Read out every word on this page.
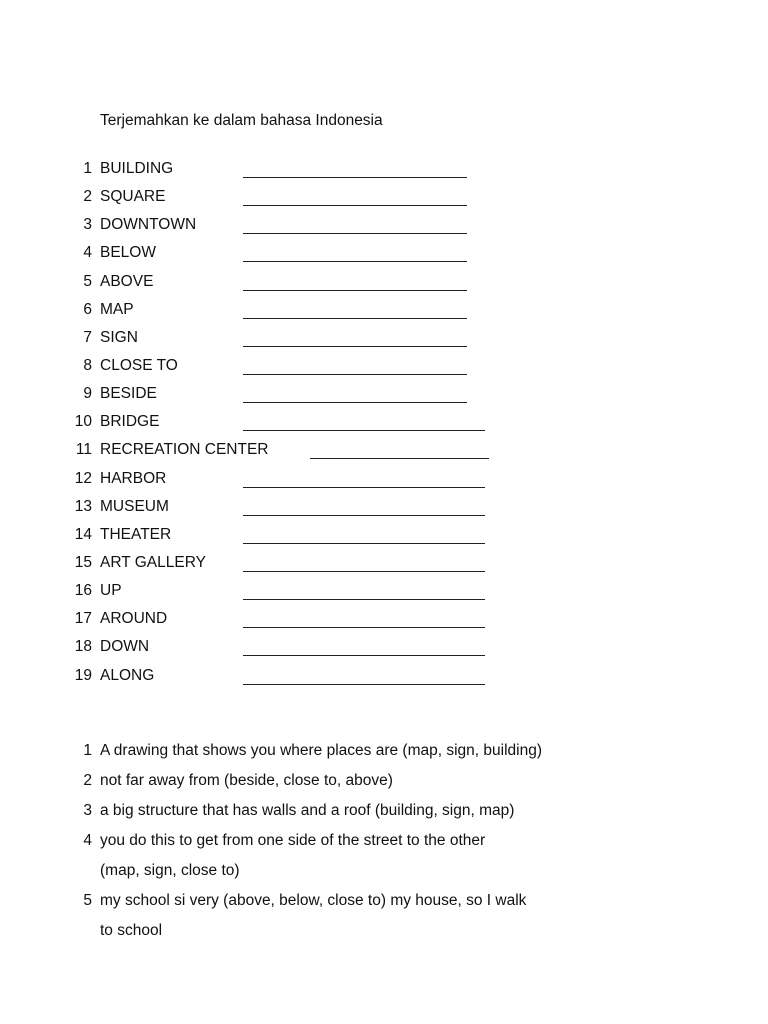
Terjemahkan ke dalam bahasa Indonesia
1 BUILDING
2 SQUARE
3 DOWNTOWN
4 BELOW
5 ABOVE
6 MAP
7 SIGN
8 CLOSE TO
9 BESIDE
10 BRIDGE
11 RECREATION CENTER
12 HARBOR
13 MUSEUM
14 THEATER
15 ART GALLERY
16 UP
17 AROUND
18 DOWN
19 ALONG
1 A drawing that shows you where places are (map, sign, building)
2 not far away from (beside, close to, above)
3 a big structure that has walls and a roof (building, sign, map)
4 you do this to get from one side of the street to the other
(map, sign, close to)
5 my school si very (above, below, close to) my house, so I walk
to school
